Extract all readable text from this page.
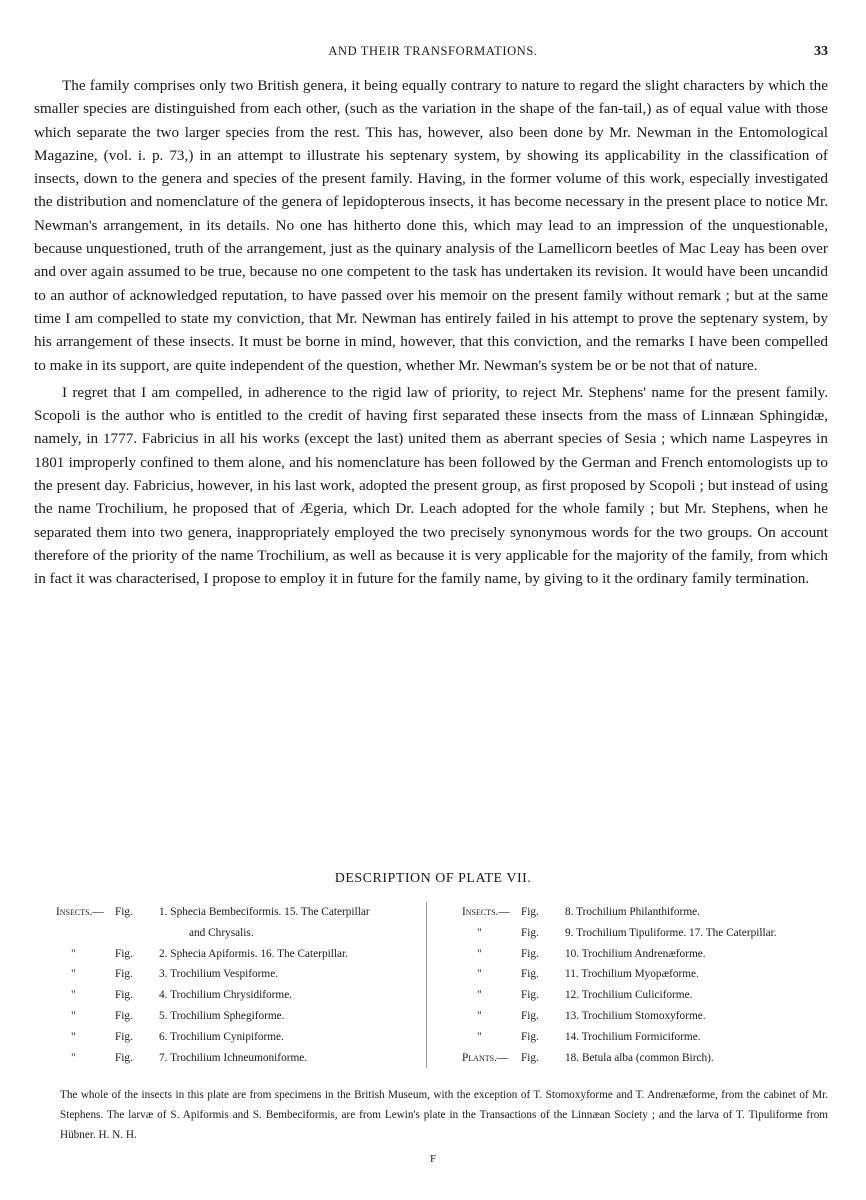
AND THEIR TRANSFORMATIONS.	33

The family comprises only two British genera, it being equally contrary to nature to regard the slight characters by which the smaller species are distinguished from each other, (such as the variation in the shape of the fan-tail,) as of equal value with those which separate the two larger species from the rest. This has, however, also been done by Mr. Newman in the Entomological Magazine, (vol. i. p. 73,) in an attempt to illustrate his septenary system, by showing its applicability in the classification of insects, down to the genera and species of the present family. Having, in the former volume of this work, especially investigated the distribution and nomenclature of the genera of lepidopterous insects, it has become necessary in the present place to notice Mr. Newman's arrangement, in its details. No one has hitherto done this, which may lead to an impression of the unquestionable, because unquestioned, truth of the arrangement, just as the quinary analysis of the Lamellicorn beetles of Mac Leay has been over and over again assumed to be true, because no one competent to the task has undertaken its revision. It would have been uncandid to an author of acknowledged reputation, to have passed over his memoir on the present family without remark ; but at the same time I am compelled to state my conviction, that Mr. Newman has entirely failed in his attempt to prove the septenary system, by his arrangement of these insects. It must be borne in mind, however, that this conviction, and the remarks I have been compelled to make in its support, are quite independent of the question, whether Mr. Newman's system be or be not that of nature.

I regret that I am compelled, in adherence to the rigid law of priority, to reject Mr. Stephens' name for the present family. Scopoli is the author who is entitled to the credit of having first separated these insects from the mass of Linnæan Sphingidæ, namely, in 1777. Fabricius in all his works (except the last) united them as aberrant species of Sesia ; which name Laspeyres in 1801 improperly confined to them alone, and his nomenclature has been followed by the German and French entomologists up to the present day. Fabricius, however, in his last work, adopted the present group, as first proposed by Scopoli ; but instead of using the name Trochilium, he proposed that of Ægeria, which Dr. Leach adopted for the whole family ; but Mr. Stephens, when he separated them into two genera, inappropriately employed the two precisely synonymous words for the two groups. On account therefore of the priority of the name Trochilium, as well as because it is very applicable for the majority of the family, from which in fact it was characterised, I propose to employ it in future for the family name, by giving to it the ordinary family termination.

DESCRIPTION OF PLATE VII.
Insects.—	Fig.	1. Sphecia Bembeciformis. 15. The Caterpillar
and Chrysalis.
"	Fig.	2. Sphecia Apiformis. 16. The Caterpillar.
"	Fig.	3. Trochilium Vespiforme.
"	Fig.	4. Trochilium Chrysidiforme.
"	Fig.	5. Trochilium Sphegiforme.
"	Fig.	6. Trochilium Cynipiforme.
"	Fig.	7. Trochilium Ichneumoniforme.
Insects.—	Fig.	8. Trochilium Philanthiforme.
"	Fig.	9. Trochilium Tipuliforme. 17. The Caterpillar.
"	Fig.	10. Trochilium Andrenæforme.
"	Fig.	11. Trochilium Myopæforme.
"	Fig.	12. Trochilium Culiciforme.
"	Fig.	13. Trochilium Stomoxyforme.
"	Fig.	14. Trochilium Formiciforme.
Plants.—	Fig.	18. Betula alba (common Birch).
The whole of the insects in this plate are from specimens in the British Museum, with the exception of T. Stomoxyforme and T. Andrenæforme, from the cabinet of Mr. Stephens. The larvæ of S. Apiformis and S. Bembeciformis, are from Lewin's plate in the Transactions of the Linnæan Society ; and the larva of T. Tipuliforme from Hübner. H. N. H.
F
